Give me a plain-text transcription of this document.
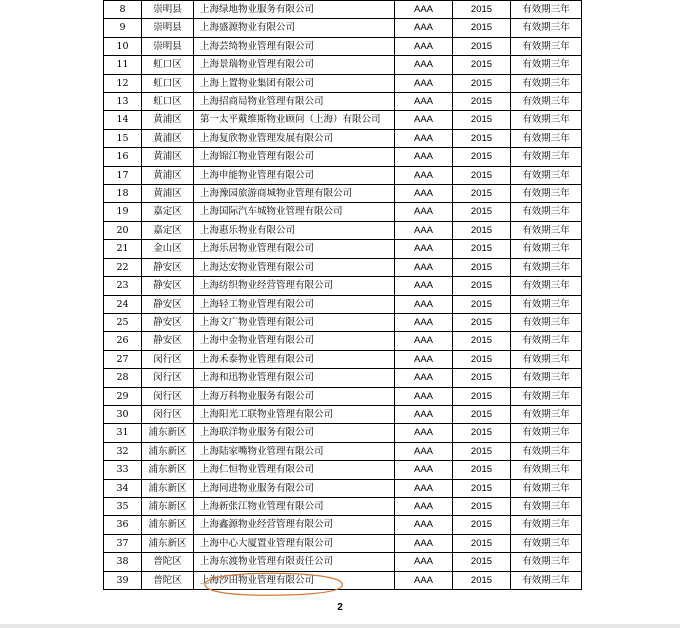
8	崇明县	上海绿地物业服务有限公司	AAA	2015	有效期三年
9	崇明县	上海盛源物业有限公司	AAA	2015	有效期三年
10	崇明县	上海芸绮物业管理有限公司	AAA	2015	有效期三年
11	虹口区	上海景瑞物业管理有限公司	AAA	2015	有效期三年
12	虹口区	上海上置物业集团有限公司	AAA	2015	有效期三年
13	虹口区	上海招商局物业管理有限公司	AAA	2015	有效期三年
14	黄浦区	第一太平戴维斯物业顾问（上海）有限公司	AAA	2015	有效期三年
15	黄浦区	上海复欣物业管理发展有限公司	AAA	2015	有效期三年
16	黄浦区	上海锦江物业管理有限公司	AAA	2015	有效期三年
17	黄浦区	上海申能物业管理有限公司	AAA	2015	有效期三年
18	黄浦区	上海豫园旅游商城物业管理有限公司	AAA	2015	有效期三年
19	嘉定区	上海国际汽车城物业管理有限公司	AAA	2015	有效期三年
20	嘉定区	上海惠乐物业有限公司	AAA	2015	有效期三年
21	金山区	上海乐居物业管理有限公司	AAA	2015	有效期三年
22	静安区	上海达安物业管理有限公司	AAA	2015	有效期三年
23	静安区	上海纺织物业经营管理有限公司	AAA	2015	有效期三年
24	静安区	上海轻工物业管理有限公司	AAA	2015	有效期三年
25	静安区	上海文广物业管理有限公司	AAA	2015	有效期三年
26	静安区	上海中金物业管理有限公司	AAA	2015	有效期三年
27	闵行区	上海禾泰物业管理有限公司	AAA	2015	有效期三年
28	闵行区	上海和迅物业管理有限公司	AAA	2015	有效期三年
29	闵行区	上海万科物业服务有限公司	AAA	2015	有效期三年
30	闵行区	上海阳光工联物业管理有限公司	AAA	2015	有效期三年
31	浦东新区	上海联洋物业服务有限公司	AAA	2015	有效期三年
32	浦东新区	上海陆家嘴物业管理有限公司	AAA	2015	有效期三年
33	浦东新区	上海仁恒物业管理有限公司	AAA	2015	有效期三年
34	浦东新区	上海同进物业服务有限公司	AAA	2015	有效期三年
35	浦东新区	上海新张江物业管理有限公司	AAA	2015	有效期三年
36	浦东新区	上海鑫源物业经营管理有限公司	AAA	2015	有效期三年
37	浦东新区	上海中心大厦置业管理有限公司	AAA	2015	有效期三年
38	普陀区	上海东渡物业管理有限责任公司	AAA	2015	有效期三年
39	普陀区	上海沙田物业管理有限公司	AAA	2015	有效期三年
2
